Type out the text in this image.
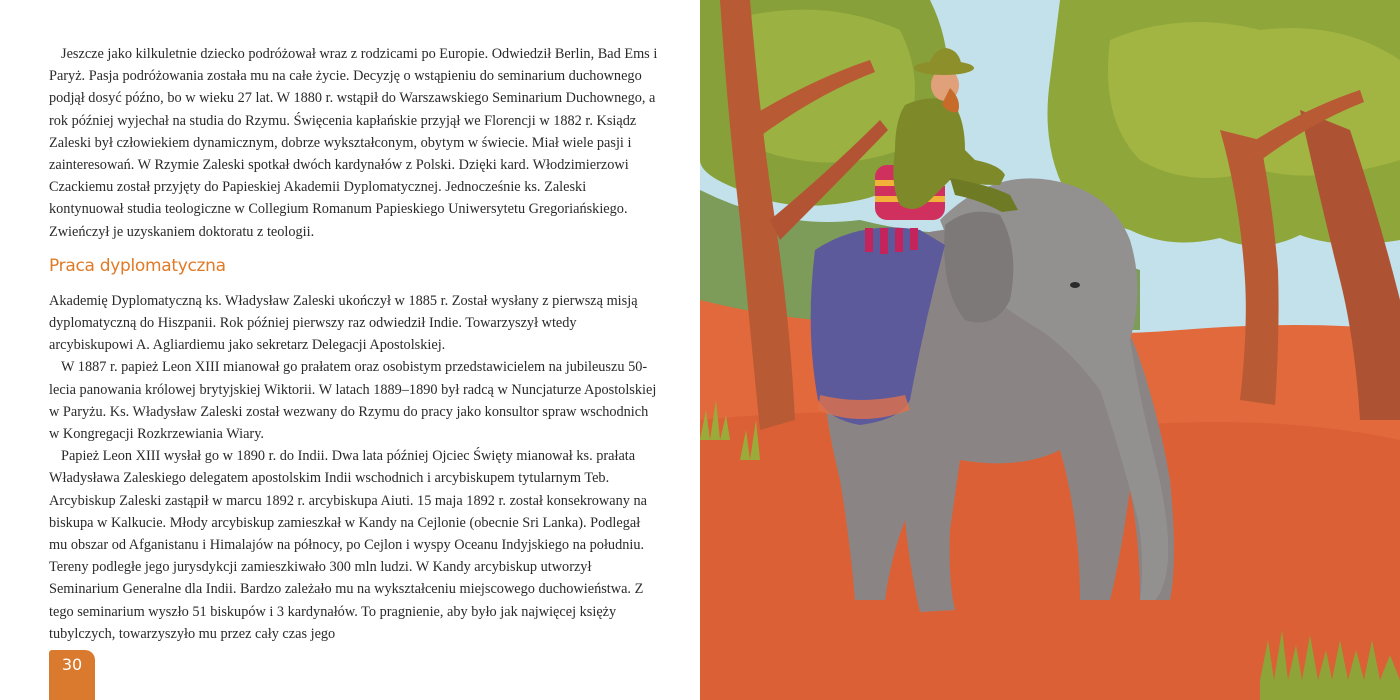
Jeszcze jako kilkuletnie dziecko podróżował wraz z rodzicami po Europie. Odwiedził Berlin, Bad Ems i Paryż. Pasja podróżowania została mu na całe życie. Decyzję o wstąpieniu do seminarium duchownego podjął dosyć późno, bo w wieku 27 lat. W 1880 r. wstąpił do Warszawskiego Seminarium Duchownego, a rok później wyjechał na studia do Rzymu. Święcenia kapłańskie przyjął we Florencji w 1882 r. Ksiądz Zaleski był człowiekiem dynamicznym, dobrze wykształconym, obytym w świecie. Miał wiele pasji i zainteresowań. W Rzymie Zaleski spotkał dwóch kardynałów z Polski. Dzięki kard. Włodzimierzowi Czackiemu został przyjęty do Papieskiej Akademii Dyplomatycznej. Jednocześnie ks. Zaleski kontynuował studia teologiczne w Collegium Romanum Papieskiego Uniwersytetu Gregoriańskiego. Zwieńczył je uzyskaniem doktoratu z teologii.

Praca dyplomatyczna

Akademię Dyplomatyczną ks. Władysław Zaleski ukończył w 1885 r. Został wysłany z pierwszą misją dyplomatyczną do Hiszpanii. Rok później pierwszy raz odwiedził Indie. Towarzyszył wtedy arcybiskupowi A. Agliardiemu jako sekretarz Delegacji Apostolskiej.

W 1887 r. papież Leon XIII mianował go prałatem oraz osobistym przedstawicielem na jubileuszu 50-lecia panowania królowej brytyjskiej Wiktorii. W latach 1889–1890 był radcą w Nuncjaturze Apostolskiej w Paryżu. Ks. Władysław Zaleski został wezwany do Rzymu do pracy jako konsultor spraw wschodnich w Kongregacji Rozkrzewiania Wiary.

Papież Leon XIII wysłał go w 1890 r. do Indii. Dwa lata później Ojciec Święty mianował ks. prałata Władysława Zaleskiego delegatem apostolskim Indii wschodnich i arcybiskupem tytularnym Teb. Arcybiskup Zaleski zastąpił w marcu 1892 r. arcybiskupa Aiuti. 15 maja 1892 r. został konsekrowany na biskupa w Kalkucie. Młody arcybiskup zamieszkał w Kandy na Cejlonie (obecnie Sri Lanka). Podlegał mu obszar od Afganistanu i Himalajów na północy, po Cejlon i wyspy Oceanu Indyjskiego na południu. Tereny podległe jego jurysdykcji zamieszkiwało 300 mln ludzi. W Kandy arcybiskup utworzył Seminarium Generalne dla Indii. Bardzo zależało mu na wykształceniu miejscowego duchowieństwa. Z tego seminarium wyszło 51 biskupów i 3 kardynałów. To pragnienie, aby było jak najwięcej księży tubylczych, towarzyszyło mu przez cały czas jego

30
